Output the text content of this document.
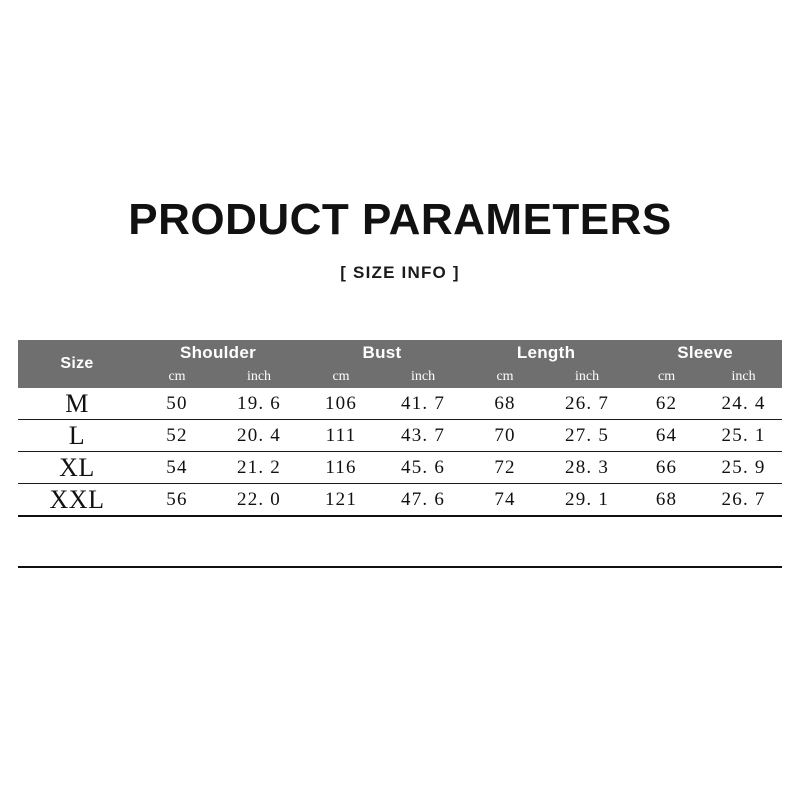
PRODUCT PARAMETERS
[ SIZE INFO ]
Size	Shoulder		Bust		Length		Sleeve	
	cm	inch	cm	inch	cm	inch	cm	inch
M	50	19. 6	106	41. 7	68	26. 7	62	24. 4
L	52	20. 4	111	43. 7	70	27. 5	64	25. 1
XL	54	21. 2	116	45. 6	72	28. 3	66	25. 9
XXL	56	22. 0	121	47. 6	74	29. 1	68	26. 7
